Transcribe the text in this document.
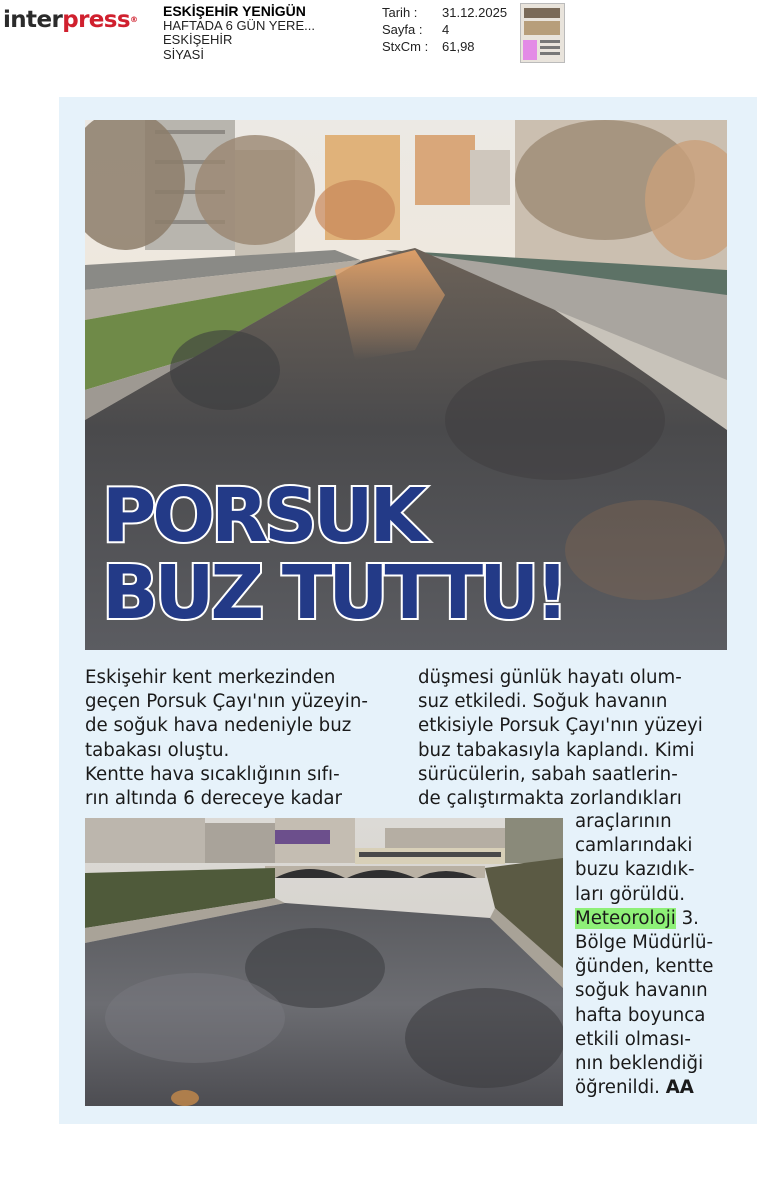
interpress®
ESKİŞEHİR YENİGÜN
HAFTADA 6 GÜN YERE...
ESKİŞEHİR
SİYASİ
Tarih :	31.12.2025
Sayfa :	4
StxCm :	61,98
PORSUK
BUZ TUTTU!
Eskişehir kent merkezinden
geçen Porsuk Çayı'nın yüzeyin-
de soğuk hava nedeniyle buz
tabakası oluştu.
Kentte hava sıcaklığının sıfı-
rın altında 6 dereceye kadar
düşmesi günlük hayatı olum-
suz etkiledi. Soğuk havanın
etkisiyle Porsuk Çayı'nın yüzeyi
buz tabakasıyla kaplandı. Kimi
sürücülerin, sabah saatlerin-
de çalıştırmakta zorlandıkları
araçlarının
camlarındaki
buzu kazıdık-
ları görüldü.
Meteoroloji 3.
Bölge Müdürlü-
ğünden, kentte
soğuk havanın
hafta boyunca
etkili olması-
nın beklendiği
öğrenildi. AA
